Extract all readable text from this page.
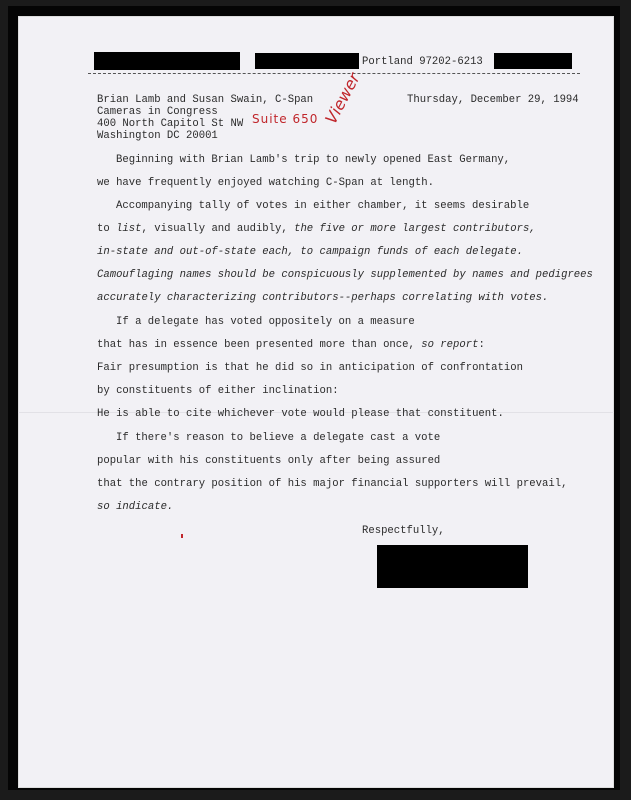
Portland 97202-6213
Brian Lamb and Susan Swain, C-Span
Cameras in Congress
400 North Capitol St NW
Washington DC 20001
Thursday, December 29, 1994
Suite 650 Viewer
Beginning with Brian Lamb's trip to newly opened East Germany,
we have frequently enjoyed watching C-Span at length.
Accompanying tally of votes in either chamber, it seems desirable
to list, visually and audibly, the five or more largest contributors,
in-state and out-of-state each, to campaign funds of each delegate.
Camouflaging names should be conspicuously supplemented by names and pedigrees
accurately characterizing contributors--perhaps correlating with votes.
If a delegate has voted oppositely on a measure
that has in essence been presented more than once, so report:
Fair presumption is that he did so in anticipation of confrontation
by constituents of either inclination:
He is able to cite whichever vote would please that constituent.
If there's reason to believe a delegate cast a vote
popular with his constituents only after being assured
that the contrary position of his major financial supporters will prevail,
so indicate.
Respectfully,
